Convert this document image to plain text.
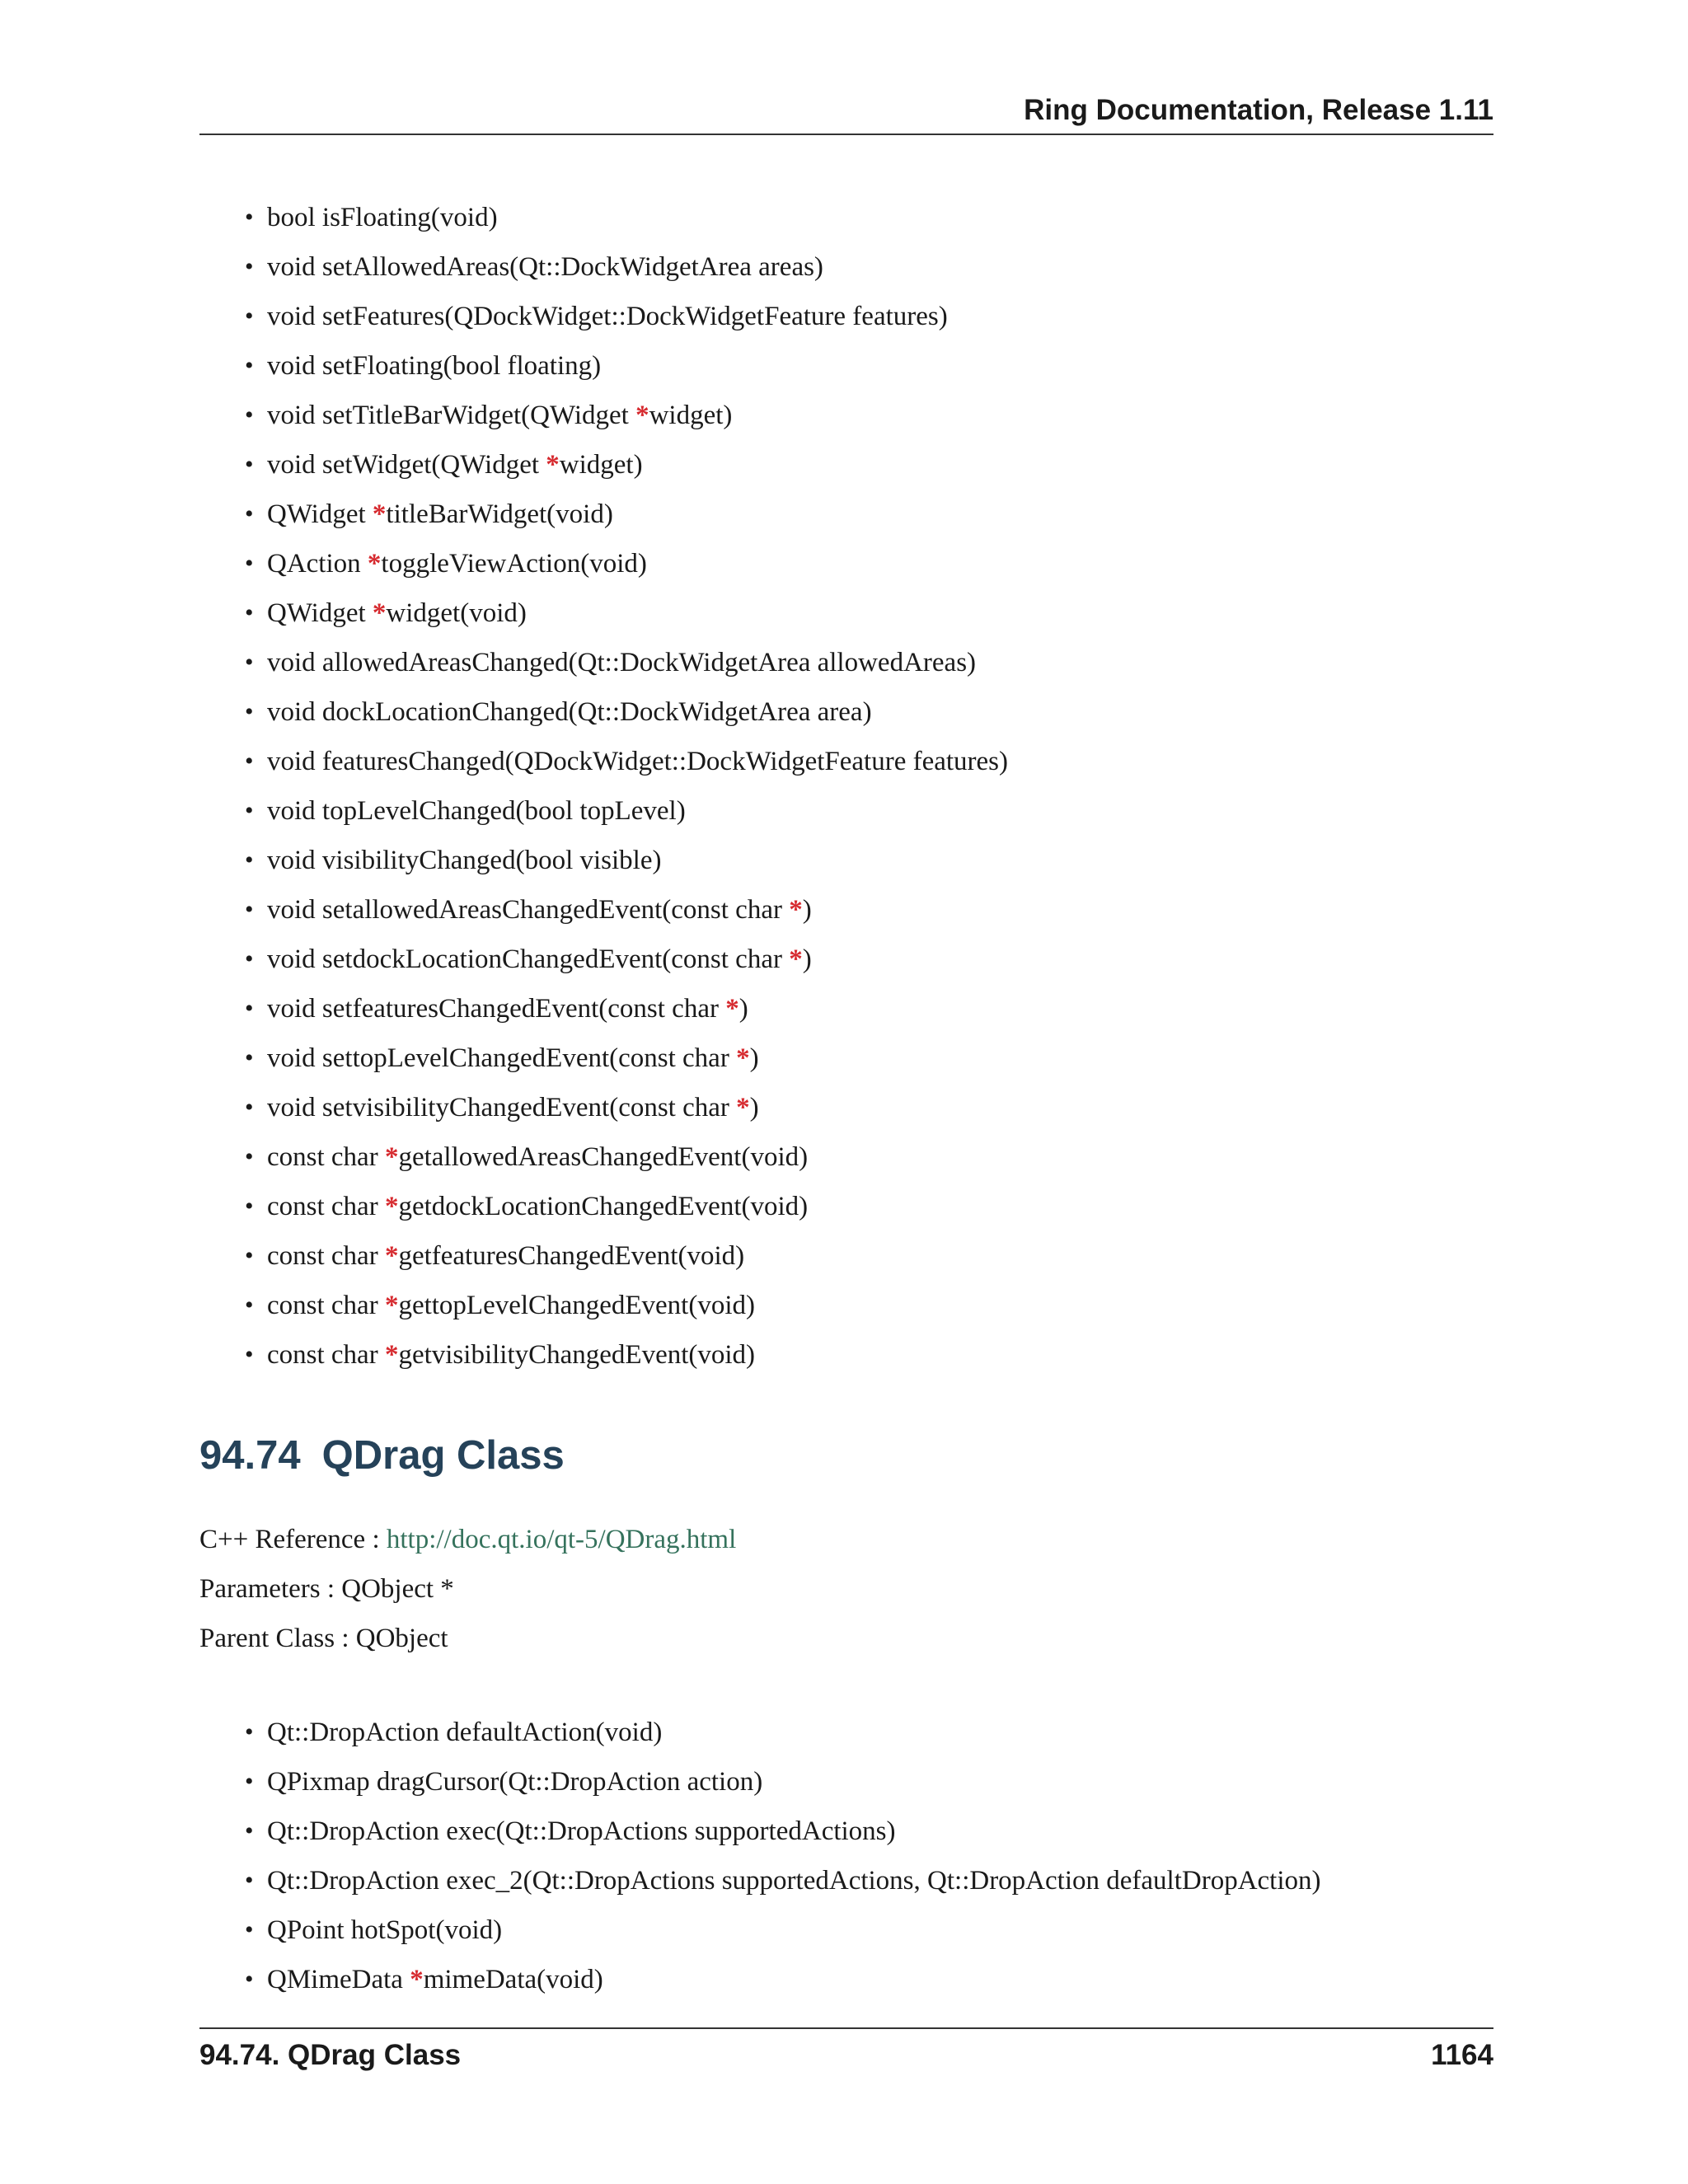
Ring Documentation, Release 1.11
• bool isFloating(void)
• void setAllowedAreas(Qt::DockWidgetArea areas)
• void setFeatures(QDockWidget::DockWidgetFeature features)
• void setFloating(bool floating)
• void setTitleBarWidget(QWidget *widget)
• void setWidget(QWidget *widget)
• QWidget *titleBarWidget(void)
• QAction *toggleViewAction(void)
• QWidget *widget(void)
• void allowedAreasChanged(Qt::DockWidgetArea allowedAreas)
• void dockLocationChanged(Qt::DockWidgetArea area)
• void featuresChanged(QDockWidget::DockWidgetFeature features)
• void topLevelChanged(bool topLevel)
• void visibilityChanged(bool visible)
• void setallowedAreasChangedEvent(const char *)
• void setdockLocationChangedEvent(const char *)
• void setfeaturesChangedEvent(const char *)
• void settopLevelChangedEvent(const char *)
• void setvisibilityChangedEvent(const char *)
• const char *getallowedAreasChangedEvent(void)
• const char *getdockLocationChangedEvent(void)
• const char *getfeaturesChangedEvent(void)
• const char *gettopLevelChangedEvent(void)
• const char *getvisibilityChangedEvent(void)
94.74 QDrag Class
C++ Reference : http://doc.qt.io/qt-5/QDrag.html
Parameters : QObject *
Parent Class : QObject
• Qt::DropAction defaultAction(void)
• QPixmap dragCursor(Qt::DropAction action)
• Qt::DropAction exec(Qt::DropActions supportedActions)
• Qt::DropAction exec_2(Qt::DropActions supportedActions, Qt::DropAction defaultDropAction)
• QPoint hotSpot(void)
• QMimeData *mimeData(void)
94.74. QDrag Class	1164
